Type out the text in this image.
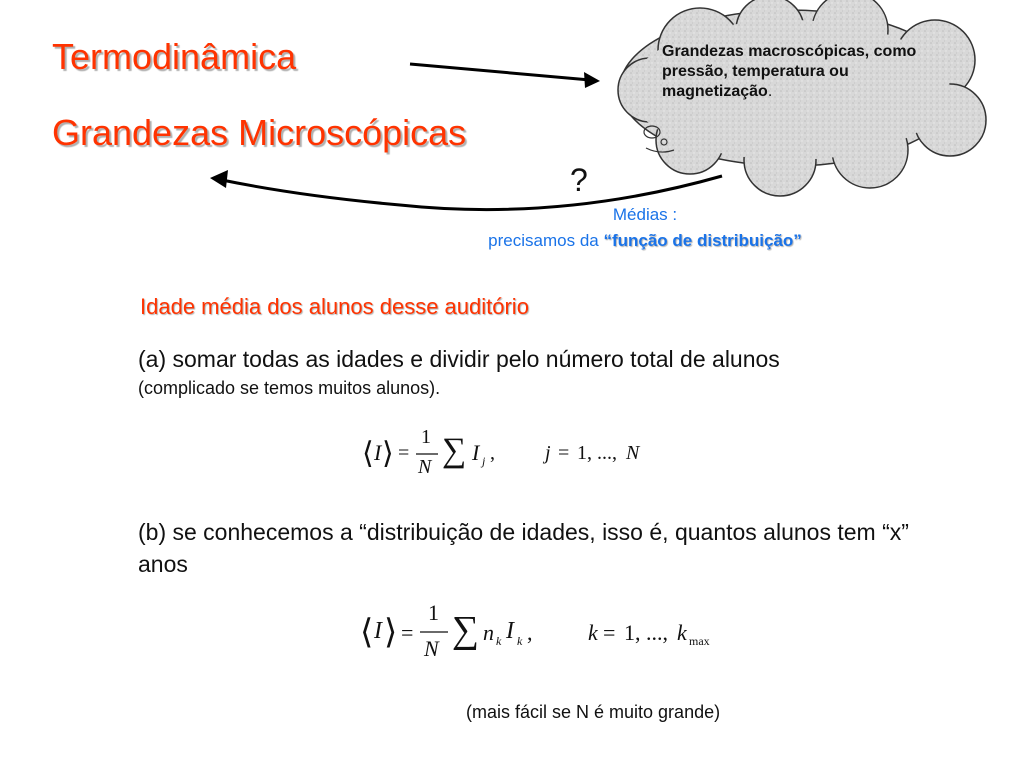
Termodinâmica
Grandezas Microscópicas
Grandezas macroscópicas, como pressão, temperatura ou magnetização.
?
Médias :
precisamos da “função de distribuição”
Idade média dos alunos desse auditório
(a) somar todas as idades e dividir pelo número total de alunos
(complicado se temos muitos alunos).
⟨ I ⟩ =
1
N ∑ I j ,	j = 1, ..., N
(b) se conhecemos a “distribuição de idades, isso é, quantos alunos tem “x” anos
⟨ I ⟩ =
1
N ∑ n k I k ,	k = 1, ..., k max
(mais fácil se N é muito grande)
